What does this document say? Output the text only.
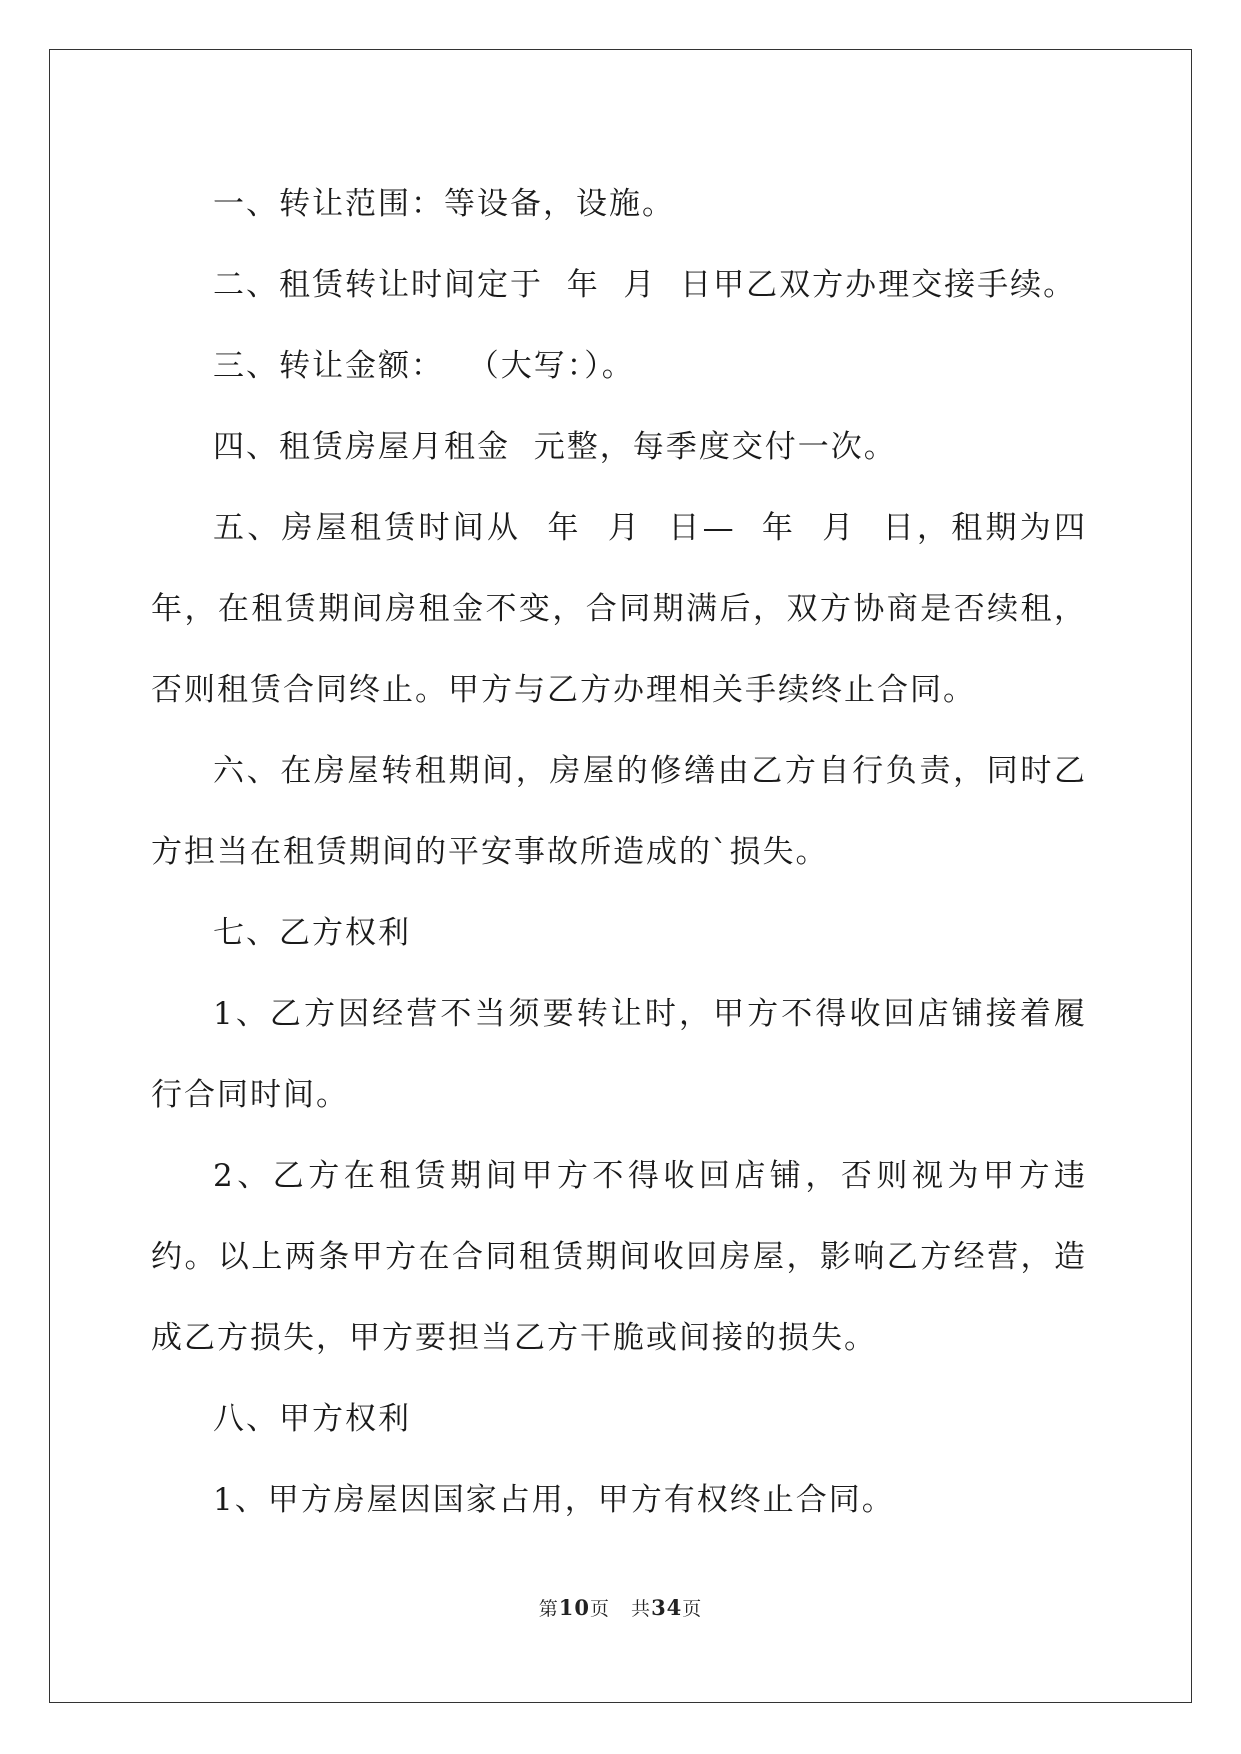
一、转让范围：等设备，设施。

二、租赁转让时间定于  年  月  日甲乙双方办理交接手续。

三、转让金额：  （大写：）。

四、租赁房屋月租金  元整，每季度交付一次。

五、房屋租赁时间从  年  月  日—  年  月  日，租期为四年，在租赁期间房租金不变，合同期满后，双方协商是否续租，否则租赁合同终止。甲方与乙方办理相关手续终止合同。

六、在房屋转租期间，房屋的修缮由乙方自行负责，同时乙方担当在租赁期间的平安事故所造成的`损失。

七、乙方权利

1、乙方因经营不当须要转让时，甲方不得收回店铺接着履行合同时间。

2、乙方在租赁期间甲方不得收回店铺，否则视为甲方违约。以上两条甲方在合同租赁期间收回房屋，影响乙方经营，造成乙方损失，甲方要担当乙方干脆或间接的损失。

八、甲方权利

1、甲方房屋因国家占用，甲方有权终止合同。

第10页   共34页
